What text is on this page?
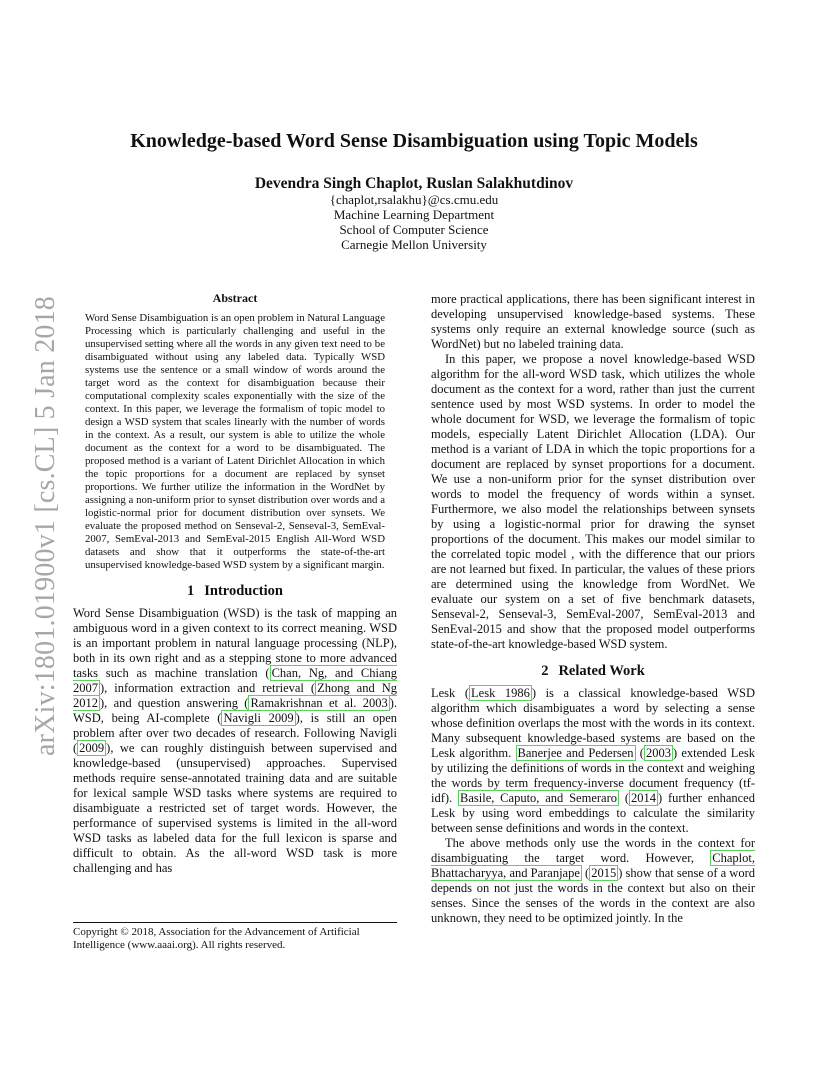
arXiv:1801.01900v1 [cs.CL] 5 Jan 2018
Knowledge-based Word Sense Disambiguation using Topic Models
Devendra Singh Chaplot, Ruslan Salakhutdinov
{chaplot,rsalakhu}@cs.cmu.edu
Machine Learning Department
School of Computer Science
Carnegie Mellon University
Abstract

Word Sense Disambiguation is an open problem in Natural Language Processing which is particularly challenging and useful in the unsupervised setting where all the words in any given text need to be disambiguated without using any labeled data. Typically WSD systems use the sentence or a small window of words around the target word as the context for disambiguation because their computational complexity scales exponentially with the size of the context. In this paper, we leverage the formalism of topic model to design a WSD system that scales linearly with the number of words in the context. As a result, our system is able to utilize the whole document as the context for a word to be disambiguated. The proposed method is a variant of Latent Dirichlet Allocation in which the topic proportions for a document are replaced by synset proportions. We further utilize the information in the WordNet by assigning a non-uniform prior to synset distribution over words and a logistic-normal prior for document distribution over synsets. We evaluate the proposed method on Senseval-2, Senseval-3, SemEval-2007, SemEval-2013 and SemEval-2015 English All-Word WSD datasets and show that it outperforms the state-of-the-art unsupervised knowledge-based WSD system by a significant margin.

1 Introduction

Word Sense Disambiguation (WSD) is the task of mapping an ambiguous word in a given context to its correct meaning. WSD is an important problem in natural language processing (NLP), both in its own right and as a stepping stone to more advanced tasks such as machine translation ( Chan, Ng, and Chiang 2007 ), information extraction and retrieval ( Zhong and Ng 2012 ), and question answering ( Ramakrishnan et al. 2003 ). WSD, being AI-complete ( Navigli 2009 ), is still an open problem after over two decades of research. Following Navigli ( 2009 ), we can roughly distinguish between supervised and knowledge-based (unsupervised) approaches. Supervised methods require sense-annotated training data and are suitable for lexical sample WSD tasks where systems are required to disambiguate a restricted set of target words. However, the performance of supervised systems is limited in the all-word WSD tasks as labeled data for the full lexicon is sparse and difficult to obtain. As the all-word WSD task is more challenging and has

Copyright © 2018, Association for the Advancement of Artificial Intelligence (www.aaai.org). All rights reserved.

more practical applications, there has been significant interest in developing unsupervised knowledge-based systems. These systems only require an external knowledge source (such as WordNet) but no labeled training data.

In this paper, we propose a novel knowledge-based WSD algorithm for the all-word WSD task, which utilizes the whole document as the context for a word, rather than just the current sentence used by most WSD systems. In order to model the whole document for WSD, we leverage the formalism of topic models, especially Latent Dirichlet Allocation (LDA). Our method is a variant of LDA in which the topic proportions for a document are replaced by synset proportions for a document. We use a non-uniform prior for the synset distribution over words to model the frequency of words within a synset. Furthermore, we also model the relationships between synsets by using a logistic-normal prior for drawing the synset proportions of the document. This makes our model similar to the correlated topic model , with the difference that our priors are not learned but fixed. In particular, the values of these priors are determined using the knowledge from WordNet. We evaluate our system on a set of five benchmark datasets, Senseval-2, Senseval-3, SemEval-2007, SemEval-2013 and SenEval-2015 and show that the proposed model outperforms state-of-the-art knowledge-based WSD system.

2 Related Work

Lesk ( Lesk 1986 ) is a classical knowledge-based WSD algorithm which disambiguates a word by selecting a sense whose definition overlaps the most with the words in its context. Many subsequent knowledge-based systems are based on the Lesk algorithm. Banerjee and Pedersen ( 2003 ) extended Lesk by utilizing the definitions of words in the context and weighing the words by term frequency-inverse document frequency (tf-idf). Basile, Caputo, and Semeraro ( 2014 ) further enhanced Lesk by using word embeddings to calculate the similarity between sense definitions and words in the context.

The above methods only use the words in the context for disambiguating the target word. However, Chaplot, Bhattacharyya, and Paranjape ( 2015 ) show that sense of a word depends on not just the words in the context but also on their senses. Since the senses of the words in the context are also unknown, they need to be optimized jointly. In the
